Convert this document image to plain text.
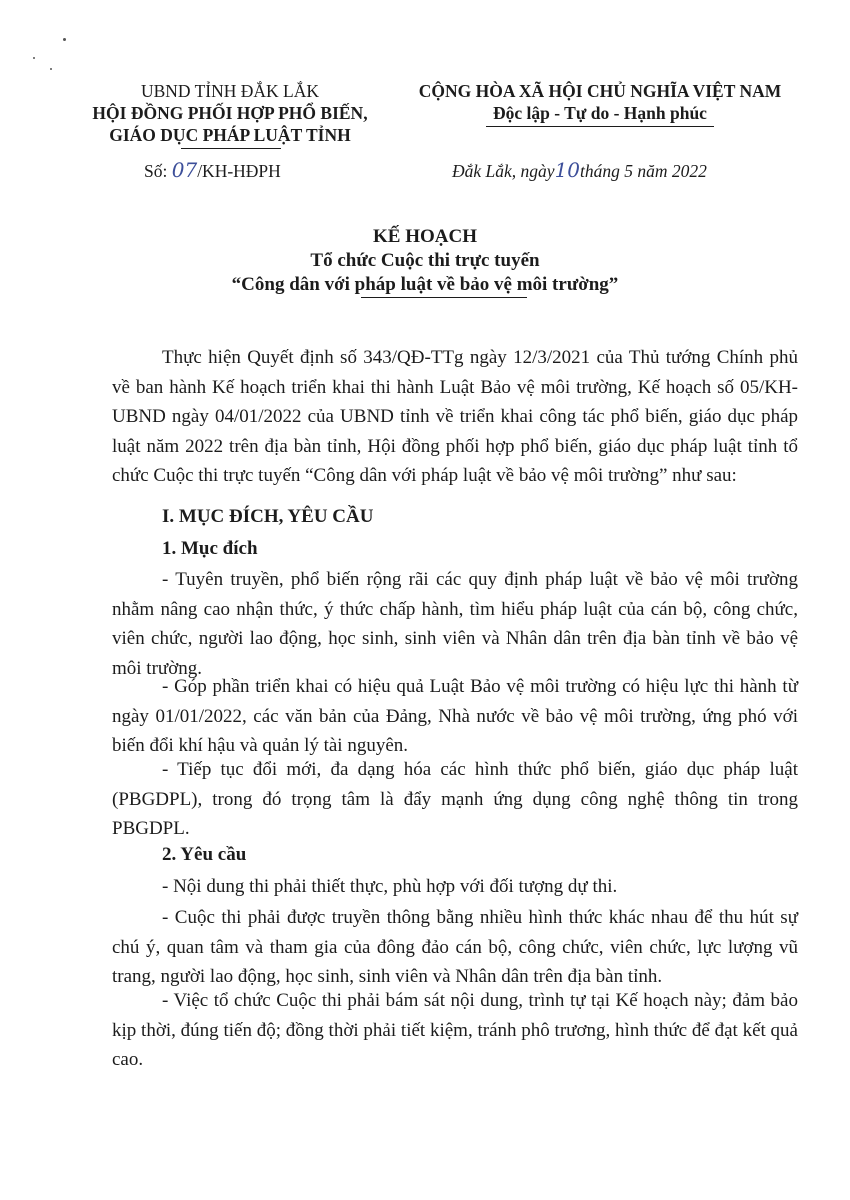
UBND TỈNH ĐẮK LẮK
HỘI ĐỒNG PHỐI HỢP PHỔ BIẾN,
GIÁO DỤC PHÁP LUẬT TỈNH
Số: 07/KH-HĐPH
CỘNG HÒA XÃ HỘI CHỦ NGHĨA VIỆT NAM
Độc lập - Tự do - Hạnh phúc
Đắk Lắk, ngày10tháng 5 năm 2022
KẾ HOẠCH
Tổ chức Cuộc thi trực tuyến
“Công dân với pháp luật về bảo vệ môi trường”
Thực hiện Quyết định số 343/QĐ-TTg ngày 12/3/2021 của Thủ tướng Chính phủ về ban hành Kế hoạch triển khai thi hành Luật Bảo vệ môi trường, Kế hoạch số 05/KH-UBND ngày 04/01/2022 của UBND tỉnh về triển khai công tác phổ biến, giáo dục pháp luật năm 2022 trên địa bàn tỉnh, Hội đồng phối hợp phổ biến, giáo dục pháp luật tỉnh tổ chức Cuộc thi trực tuyến “Công dân với pháp luật về bảo vệ môi trường” như sau:
I. MỤC ĐÍCH, YÊU CẦU
1. Mục đích
- Tuyên truyền, phổ biến rộng rãi các quy định pháp luật về bảo vệ môi trường nhằm nâng cao nhận thức, ý thức chấp hành, tìm hiểu pháp luật của cán bộ, công chức, viên chức, người lao động, học sinh, sinh viên và Nhân dân trên địa bàn tỉnh về bảo vệ môi trường.
- Góp phần triển khai có hiệu quả Luật Bảo vệ môi trường có hiệu lực thi hành từ ngày 01/01/2022, các văn bản của Đảng, Nhà nước về bảo vệ môi trường, ứng phó với biến đổi khí hậu và quản lý tài nguyên.
- Tiếp tục đổi mới, đa dạng hóa các hình thức phổ biến, giáo dục pháp luật (PBGDPL), trong đó trọng tâm là đẩy mạnh ứng dụng công nghệ thông tin trong PBGDPL.
2. Yêu cầu
- Nội dung thi phải thiết thực, phù hợp với đối tượng dự thi.
- Cuộc thi phải được truyền thông bằng nhiều hình thức khác nhau để thu hút sự chú ý, quan tâm và tham gia của đông đảo cán bộ, công chức, viên chức, lực lượng vũ trang, người lao động, học sinh, sinh viên và Nhân dân trên địa bàn tỉnh.
- Việc tổ chức Cuộc thi phải bám sát nội dung, trình tự tại Kế hoạch này; đảm bảo kịp thời, đúng tiến độ; đồng thời phải tiết kiệm, tránh phô trương, hình thức để đạt kết quả cao.
